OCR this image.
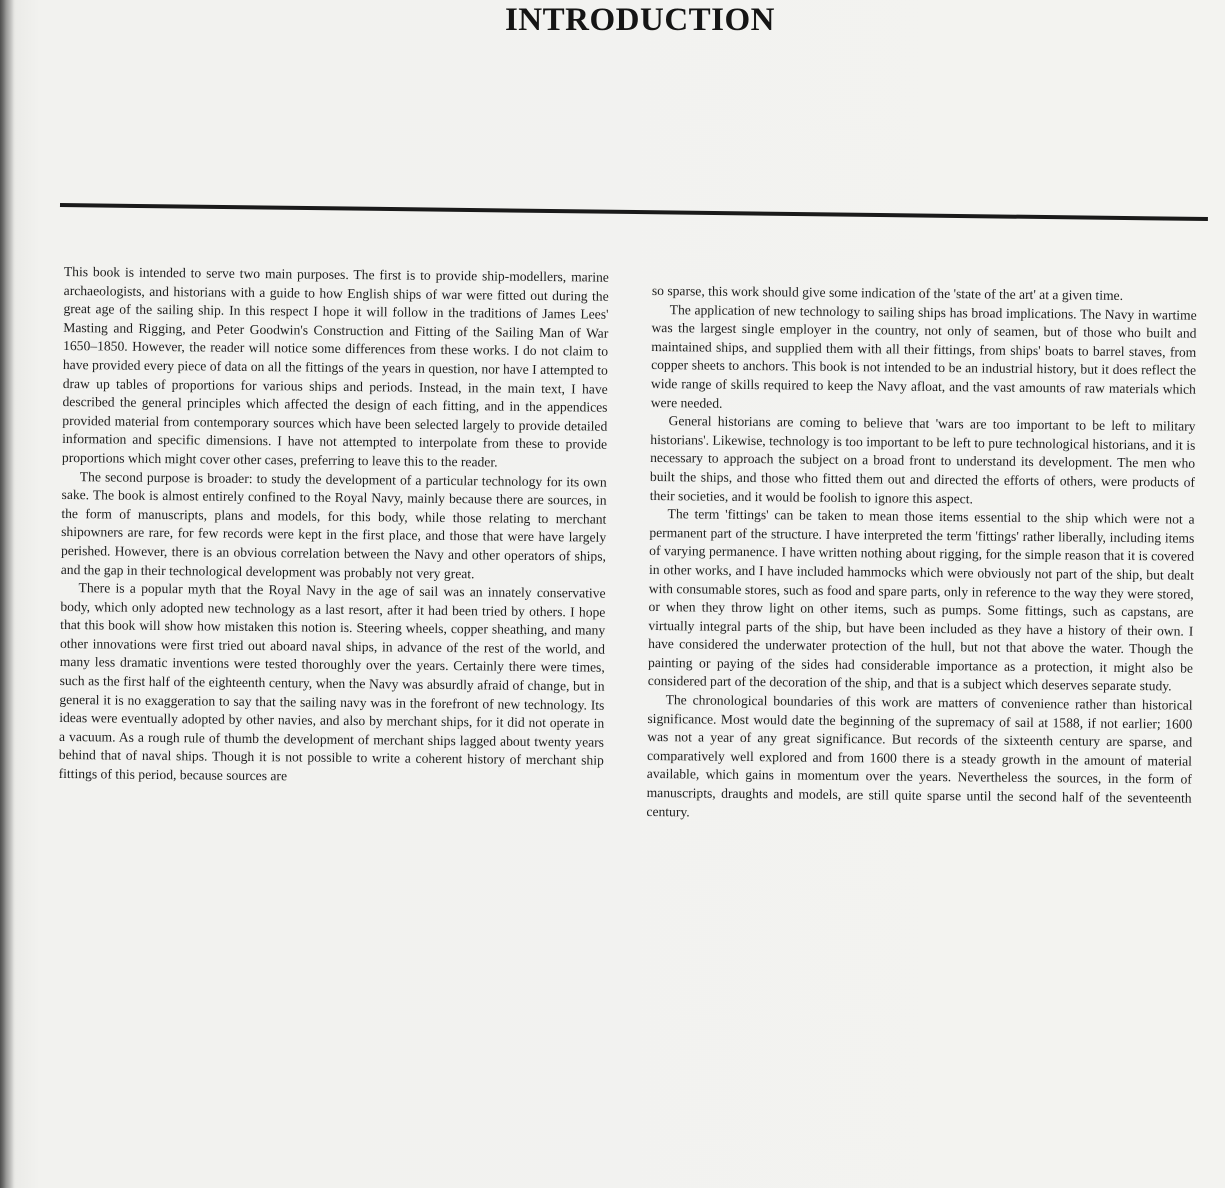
INTRODUCTION

This book is intended to serve two main purposes. The first is to provide ship-modellers, marine archaeologists, and historians with a guide to how English ships of war were fitted out during the great age of the sailing ship. In this respect I hope it will follow in the traditions of James Lees' Masting and Rigging, and Peter Goodwin's Construction and Fitting of the Sailing Man of War 1650–1850. However, the reader will notice some differences from these works. I do not claim to have provided every piece of data on all the fittings of the years in question, nor have I attempted to draw up tables of proportions for various ships and periods. Instead, in the main text, I have described the general principles which affected the design of each fitting, and in the appendices provided material from contemporary sources which have been selected largely to provide detailed information and specific dimensions. I have not attempted to interpolate from these to provide proportions which might cover other cases, preferring to leave this to the reader.

The second purpose is broader: to study the development of a particular technology for its own sake. The book is almost entirely confined to the Royal Navy, mainly because there are sources, in the form of manuscripts, plans and models, for this body, while those relating to merchant shipowners are rare, for few records were kept in the first place, and those that were have largely perished. However, there is an obvious correlation between the Navy and other operators of ships, and the gap in their technological development was probably not very great.

There is a popular myth that the Royal Navy in the age of sail was an innately conservative body, which only adopted new technology as a last resort, after it had been tried by others. I hope that this book will show how mistaken this notion is. Steering wheels, copper sheathing, and many other innovations were first tried out aboard naval ships, in advance of the rest of the world, and many less dramatic inventions were tested thoroughly over the years. Certainly there were times, such as the first half of the eighteenth century, when the Navy was absurdly afraid of change, but in general it is no exaggeration to say that the sailing navy was in the forefront of new technology. Its ideas were eventually adopted by other navies, and also by merchant ships, for it did not operate in a vacuum. As a rough rule of thumb the development of merchant ships lagged about twenty years behind that of naval ships. Though it is not possible to write a coherent history of merchant ship fittings of this period, because sources are

so sparse, this work should give some indication of the 'state of the art' at a given time.

The application of new technology to sailing ships has broad implications. The Navy in wartime was the largest single employer in the country, not only of seamen, but of those who built and maintained ships, and supplied them with all their fittings, from ships' boats to barrel staves, from copper sheets to anchors. This book is not intended to be an industrial history, but it does reflect the wide range of skills required to keep the Navy afloat, and the vast amounts of raw materials which were needed.

General historians are coming to believe that 'wars are too important to be left to military historians'. Likewise, technology is too important to be left to pure technological historians, and it is necessary to approach the subject on a broad front to understand its development. The men who built the ships, and those who fitted them out and directed the efforts of others, were products of their societies, and it would be foolish to ignore this aspect.

The term 'fittings' can be taken to mean those items essential to the ship which were not a permanent part of the structure. I have interpreted the term 'fittings' rather liberally, including items of varying permanence. I have written nothing about rigging, for the simple reason that it is covered in other works, and I have included hammocks which were obviously not part of the ship, but dealt with consumable stores, such as food and spare parts, only in reference to the way they were stored, or when they throw light on other items, such as pumps. Some fittings, such as capstans, are virtually integral parts of the ship, but have been included as they have a history of their own. I have considered the underwater protection of the hull, but not that above the water. Though the painting or paying of the sides had considerable importance as a protection, it might also be considered part of the decoration of the ship, and that is a subject which deserves separate study.

The chronological boundaries of this work are matters of convenience rather than historical significance. Most would date the beginning of the supremacy of sail at 1588, if not earlier; 1600 was not a year of any great significance. But records of the sixteenth century are sparse, and comparatively well explored and from 1600 there is a steady growth in the amount of material available, which gains in momentum over the years. Nevertheless the sources, in the form of manuscripts, draughts and models, are still quite sparse until the second half of the seventeenth century.
